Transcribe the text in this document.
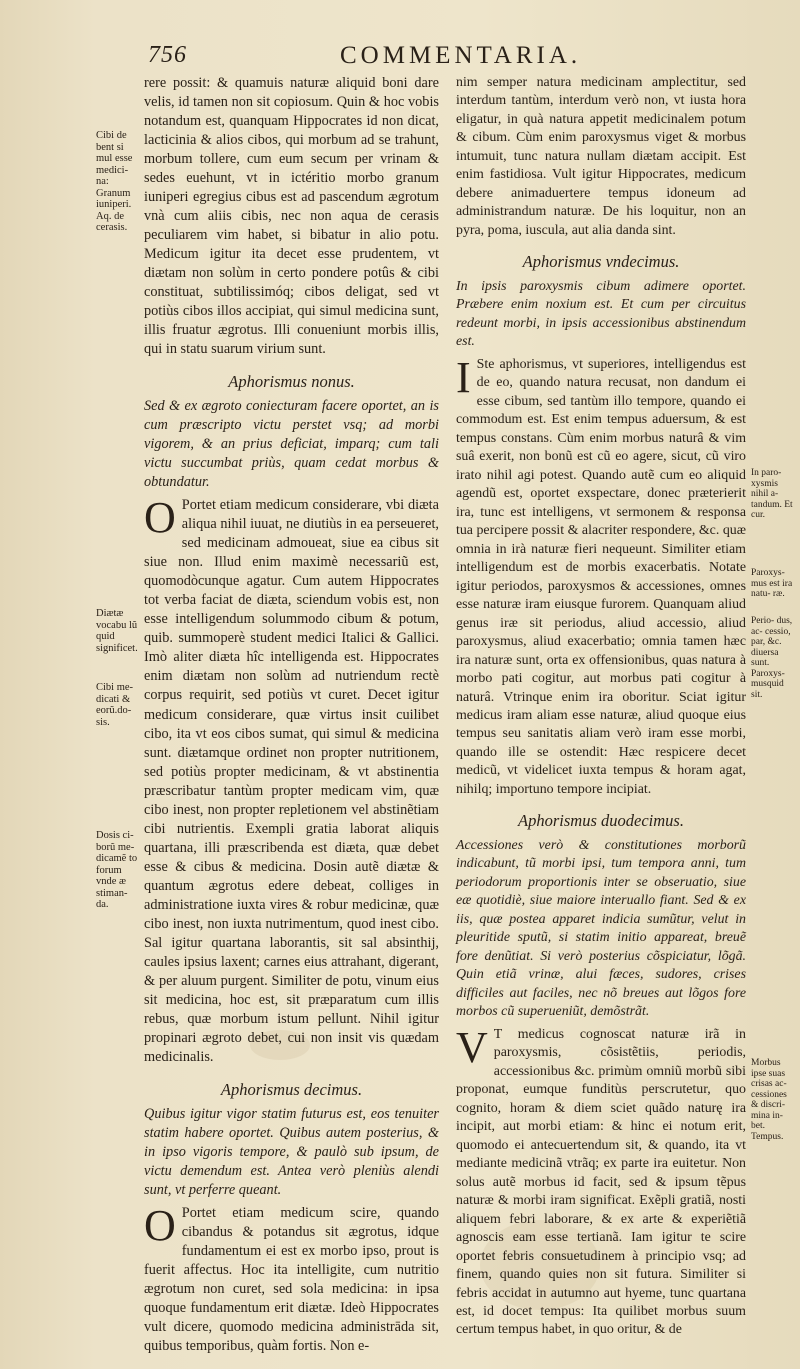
756	COMMENTARIA.
Cibi de bent si mul esse medici- na: Granum iuniperi. Aq. de cerasis.
Diætæ vocabu lũ quid significet.
Cibi me- dicati & eorũ.do- sis.
Dosis ci- borũ me- dicamẽ to forum vnde æ stiman- da.

rere possit: & quamuis naturæ aliquid boni dare velis, id tamen non sit copiosum. Quin & hoc vobis notandum est, quanquam Hippocrates id non dicat, lacticinia & alios cibos, qui morbum ad se trahunt, morbum tollere, cum eum secum per vrinam & sedes euehunt, vt in ictéritio morbo granum iuniperi egregius cibus est ad pascendum ægrotum vnà cum aliis cibis, nec non aqua de cerasis peculiarem vim habet, si bibatur in alio potu. Medicum igitur ita decet esse prudentem, vt diætam non solùm in certo pondere potûs & cibi constituat, subtilissimóq; cibos deligat, sed vt potiùs cibos illos accipiat, qui simul medicina sunt, illis fruatur ægrotus. Illi conueniunt morbis illis, qui in statu suarum virium sunt.

Aphorismus nonus.

Sed & ex ægroto coniecturam facere oportet, an is cum præscripto victu perstet vsq; ad morbi vigorem, & an prius deficiat, imparq; cum tali victu succumbat priùs, quam cedat morbus & obtundatur.

O Portet etiam medicum considerare, vbi diæta aliqua nihil iuuat, ne diutiùs in ea perseueret, sed medicinam admoueat, siue ea cibus sit siue non. Illud enim maximè necessariũ est, quomodòcunque agatur. Cum autem Hippocrates tot verba faciat de diæta, sciendum vobis est, non esse intelligendum solummodo cibum & potum, quib. summoperè student medici Italici & Gallici. Imò aliter diæta hîc intelligenda est. Hippocrates enim diætam non solùm ad nutriendum rectè corpus requirit, sed potiùs vt curet. Decet igitur medicum considerare, quæ virtus insit cuilibet cibo, ita vt eos cibos sumat, qui simul & medicina sunt. diætamque ordinet non propter nutritionem, sed potiùs propter medicinam, & vt abstinentia præscribatur tantùm propter medicam vim, quæ cibo inest, non propter repletionem vel abstinẽtiam cibi nutrientis. Exempli gratia laborat aliquis quartana, illi præscribenda est diæta, quæ debet esse & cibus & medicina. Dosin autẽ diætæ & quantum ægrotus edere debeat, colliges in administratione iuxta vires & robur medicinæ, quæ cibo inest, non iuxta nutrimentum, quod inest cibo. Sal igitur quartana laborantis, sit sal absinthij, caules ipsius laxent; carnes eius attrahant, digerant, & per aluum purgent. Similiter de potu, vinum eius sit medicina, hoc est, sit præparatum cum illis rebus, quæ morbum istum pellunt. Nihil igitur propinari ægroto debet, cui non insit vis quædam medicinalis.

Aphorismus decimus.

Quibus igitur vigor statim futurus est, eos tenuiter statim habere oportet. Quibus autem posterius, & in ipso vigoris tempore, & paulò sub ipsum, de victu demendum est. Antea verò pleniùs alendi sunt, vt perferre queant.

O Portet etiam medicum scire, quando cibandus & potandus sit ægrotus, idque fundamentum ei est ex morbo ipso, prout is fuerit affectus. Hoc ita intelligite, cum nutritio ægrotum non curet, sed sola medicina: in ipsa quoque fundamentum erit diætæ. Ideò Hippocrates vult dicere, quomodo medicina administrāda sit, quibus temporibus, quàm fortis. Non e-

nim semper natura medicinam amplectitur, sed interdum tantùm, interdum verò non, vt iusta hora eligatur, in quà natura appetit medicinalem potum & cibum. Cùm enim paroxysmus viget & morbus intumuit, tunc natura nullam diætam accipit. Est enim fastidiosa. Vult igitur Hippocrates, medicum debere animaduertere tempus idoneum ad administrandum naturæ. De his loquitur, non an pyra, poma, iuscula, aut alia danda sint.

Aphorismus vndecimus.

In ipsis paroxysmis cibum adimere oportet. Præbere enim noxium est. Et cum per circuitus redeunt morbi, in ipsis accessionibus abstinendum est.

I Ste aphorismus, vt superiores, intelligendus est de eo, quando natura recusat, non dandum ei esse cibum, sed tantùm illo tempore, quando ei commodum est. Est enim tempus aduersum, & est tempus constans. Cùm enim morbus naturâ & vim suâ exerit, non bonũ est cũ eo agere, sicut, cũ viro irato nihil agi potest. Quando autẽ cum eo aliquid agendũ est, oportet exspectare, donec præterierit ira, tunc est intelligens, vt sermonem & responsa tua percipere possit & alacriter respondere, &c. quæ omnia in irà naturæ fieri nequeunt. Similiter etiam intelligendum est de morbis exacerbatis. Notate igitur periodos, paroxysmos & accessiones, omnes esse naturæ iram eiusque furorem. Quanquam aliud genus iræ sit periodus, aliud accessio, aliud paroxysmus, aliud exacerbatio; omnia tamen hæc ira naturæ sunt, orta ex offensionibus, quas natura à morbo pati cogitur, aut morbus pati cogitur à naturâ. Vtrinque enim ira oboritur. Sciat igitur medicus iram aliam esse naturæ, aliud quoque eius tempus seu sanitatis aliam verò iram esse morbi, quando ille se ostendit: Hæc respicere decet medicũ, vt videlicet iuxta tempus & horam agat, nihilq; importuno tempore incipiat.

Aphorismus duodecimus.

Accessiones verò & constitutiones morborũ indicabunt, tũ morbi ipsi, tum tempora anni, tum periodorum proportionis inter se obseruatio, siue eæ quotidiè, siue maiore interuallo fiant. Sed & ex iis, quæ postea apparet indicia sumũtur, velut in pleuritide sputũ, si statim initio appareat, breuẽ fore denũtiat. Si verò posterius cõspiciatur, lõgã. Quin etiã vrinæ, alui fæces, sudores, crises difficiles aut faciles, nec nõ breues aut lõgos fore morbos cũ superueniũt, demõstrãt.

V T medicus cognoscat naturæ irã in paroxysmis, cõsistẽtiis, periodis, accessionibus &c. primùm omniũ morbũ sibi proponat, eumque funditùs perscrutetur, quo cognito, horam & diem sciet quãdo naturę ira incipit, aut morbi etiam: & hinc ei notum erit, quomodo ei antecuertendum sit, & quando, ita vt mediante medicinã vtrãq; ex parte ira euitetur. Non solus autẽ morbus id facit, sed & ipsum tẽpus naturæ & morbi iram significat. Exẽpli gratiã, nosti aliquem febri laborare, & ex arte & experiẽtiã agnoscis eam esse tertianã. Iam igitur te scire oportet febris consuetudinem à principio vsq; ad finem, quando quies non sit futura. Similiter si febris accidat in autumno aut hyeme, tunc quartana est, id docet tempus: Ita quilibet morbus suum certum tempus habet, in quo oritur, & de

In paro- xysmis nihil a- tandum. Et cur.
Paroxys- mus est ira natu- ræ.
Perio- dus, ac- cessio, par, &c. diuersa sunt. Paroxys- musquid sit.
Morbus ipse suas crisas ac- cessiones & discri- mina in- bet. Tempus.
